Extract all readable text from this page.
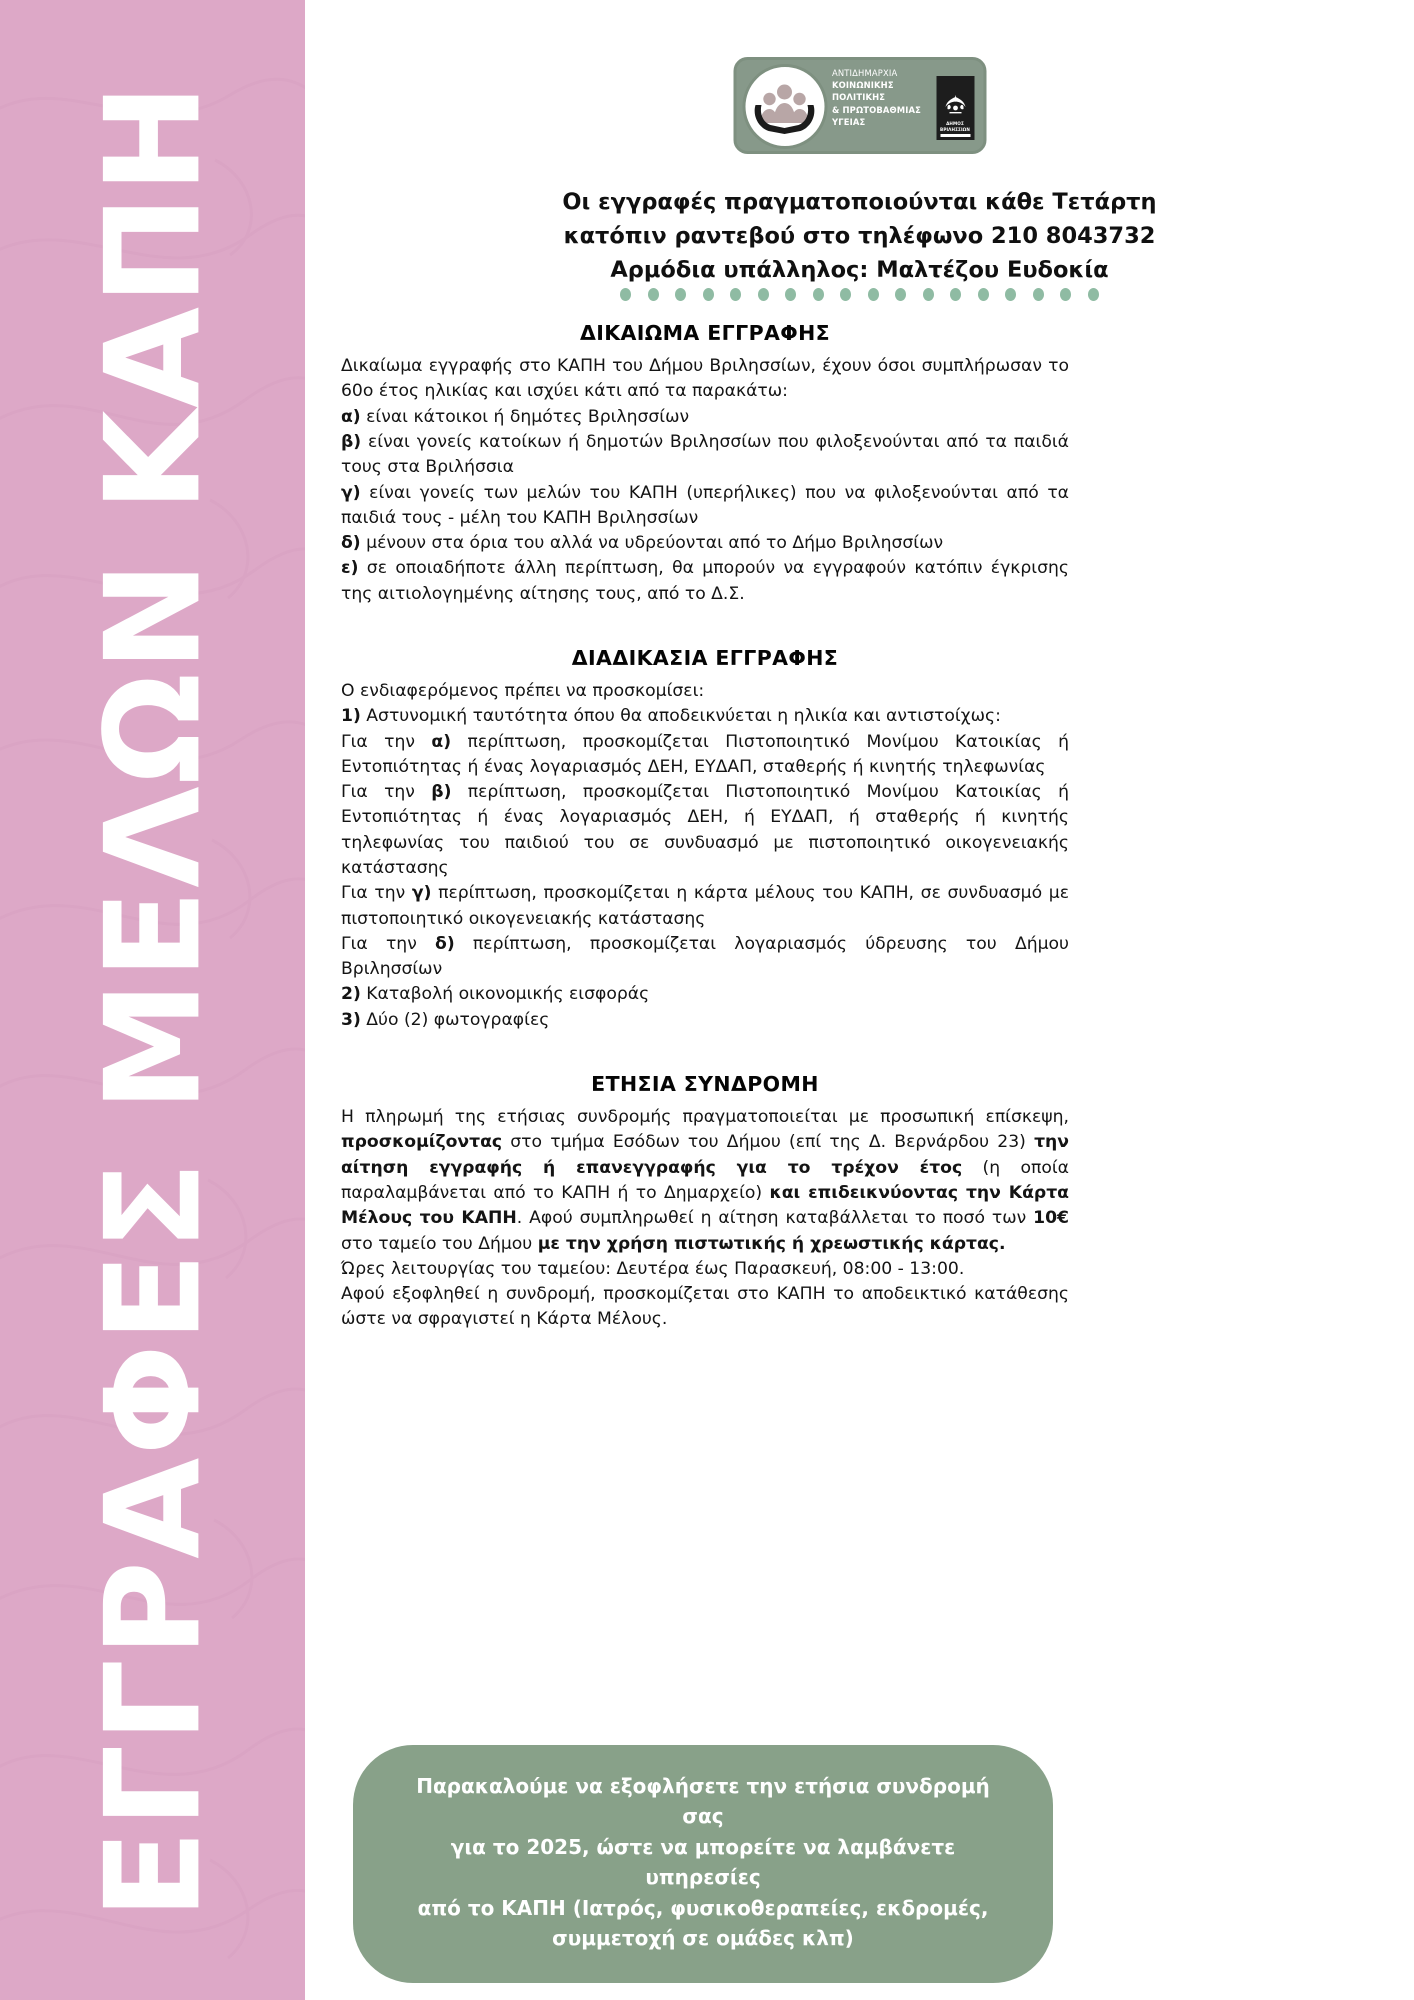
ΕΓΓΡΑΦΕΣ ΜΕΛΩΝ ΚΑΠΗ
ΑΝΤΙΔΗΜΑΡΧΙΑ
ΚΟΙΝΩΝΙΚΗΣ
ΠΟΛΙΤΙΚΗΣ
& ΠΡΩΤΟΒΑΘΜΙΑΣ
ΥΓΕΙΑΣ	ΔΗΜΟΣ
ΒΡΙΛΗΣΣΙΩΝ
Οι εγγραφές πραγματοποιούνται κάθε Τετάρτη
κατόπιν ραντεβού στο τηλέφωνο 210 8043732
Αρμόδια υπάλληλος: Μαλτέζου Ευδοκία
ΔΙΚΑΙΩΜΑ ΕΓΓΡΑΦΗΣ

Δικαίωμα εγγραφής στο ΚΑΠΗ του Δήμου Βριλησσίων, έχουν όσοι συμπλήρωσαν το 60ο έτος ηλικίας και ισχύει κάτι από τα παρακάτω:

α) είναι κάτοικοι ή δημότες Βριλησσίων

β) είναι γονείς κατοίκων ή δημοτών Βριλησσίων που φιλοξενούνται από τα παιδιά τους στα Βριλήσσια

γ) είναι γονείς των μελών του ΚΑΠΗ (υπερήλικες) που να φιλοξενούνται από τα παιδιά τους - μέλη του ΚΑΠΗ Βριλησσίων

δ) μένουν στα όρια του αλλά να υδρεύονται από το Δήμο Βριλησσίων

ε) σε οποιαδήποτε άλλη περίπτωση, θα μπορούν να εγγραφούν κατόπιν έγκρισης της αιτιολογημένης αίτησης τους, από το Δ.Σ.

ΔΙΑΔΙΚΑΣΙΑ ΕΓΓΡΑΦΗΣ

Ο ενδιαφερόμενος πρέπει να προσκομίσει:

1) Αστυνομική ταυτότητα όπου θα αποδεικνύεται η ηλικία και αντιστοίχως:

Για την α) περίπτωση, προσκομίζεται Πιστοποιητικό Μονίμου Κατοικίας ή Εντοπιότητας ή ένας λογαριασμός ΔΕΗ, ΕΥΔΑΠ, σταθερής ή κινητής τηλεφωνίας

Για την β) περίπτωση, προσκομίζεται Πιστοποιητικό Μονίμου Κατοικίας ή Εντοπιότητας ή ένας λογαριασμός ΔΕΗ, ή ΕΥΔΑΠ, ή σταθερής ή κινητής τηλεφωνίας του παιδιού του σε συνδυασμό με πιστοποιητικό οικογενειακής κατάστασης

Για την γ) περίπτωση, προσκομίζεται η κάρτα μέλους του ΚΑΠΗ, σε συνδυασμό με πιστοποιητικό οικογενειακής κατάστασης

Για την δ) περίπτωση, προσκομίζεται λογαριασμός ύδρευσης του Δήμου Βριλησσίων

2) Καταβολή οικονομικής εισφοράς

3) Δύο (2) φωτογραφίες

ΕΤΗΣΙΑ ΣΥΝΔΡΟΜΗ

Η πληρωμή της ετήσιας συνδρομής πραγματοποιείται με προσωπική επίσκεψη, προσκομίζοντας στο τμήμα Εσόδων του Δήμου (επί της Δ. Βερνάρδου 23) την αίτηση εγγραφής ή επανεγγραφής για το τρέχον έτος (η οποία παραλαμβάνεται από το ΚΑΠΗ ή το Δημαρχείο) και επιδεικνύοντας την Κάρτα Μέλους του ΚΑΠΗ. Αφού συμπληρωθεί η αίτηση καταβάλλεται το ποσό των 10€ στο ταμείο του Δήμου με την χρήση πιστωτικής ή χρεωστικής κάρτας.

Ώρες λειτουργίας του ταμείου: Δευτέρα έως Παρασκευή, 08:00 - 13:00.

Αφού εξοφληθεί η συνδρομή, προσκομίζεται στο ΚΑΠΗ το αποδεικτικό κατάθεσης ώστε να σφραγιστεί η Κάρτα Μέλους.

Παρακαλούμε να εξοφλήσετε την ετήσια συνδρομή σας
για το 2025, ώστε να μπορείτε να λαμβάνετε υπηρεσίες
από το ΚΑΠΗ (Ιατρός, φυσικοθεραπείες, εκδρομές,
συμμετοχή σε ομάδες κλπ)
